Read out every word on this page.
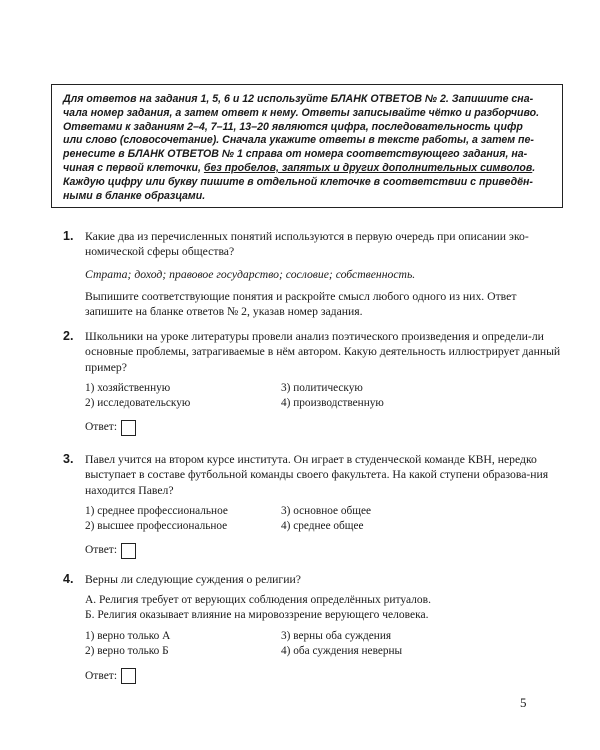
Для ответов на задания 1, 5, 6 и 12 используйте БЛАНК ОТВЕТОВ № 2. Запишите сна-
чала номер задания, а затем ответ к нему. Ответы записывайте чётко и разборчиво.
Ответами к заданиям 2–4, 7–11, 13–20 являются цифра, последовательность цифр
или слово (словосочетание). Сначала укажите ответы в тексте работы, а затем пе-
ренесите в БЛАНК ОТВЕТОВ № 1 справа от номера соответствующего задания, на-
чиная с первой клеточки, без пробелов, запятых и других дополнительных символов.
Каждую цифру или букву пишите в отдельной клеточке в соответствии с приведён-
ными в бланке образцами.
1. Какие два из перечисленных понятий используются в первую очередь при описании эко-номической сферы общества?

Страта; доход; правовое государство; сословие; собственность.
Выпишите соответствующие понятия и раскройте смысл любого одного из них. Ответ запишите на бланке ответов № 2, указав номер задания.
2. Школьники на уроке литературы провели анализ поэтического произведения и определи-ли основные проблемы, затрагиваемые в нём автором. Какую деятельность иллюстрирует данный пример?

1) хозяйственную	3) политическую
2) исследовательскую	4) производственную
Ответ:
3. Павел учится на втором курсе института. Он играет в студенческой команде КВН, нередко выступает в составе футбольной команды своего факультета. На какой ступени образова-ния находится Павел?

1) среднее профессиональное	3) основное общее
2) высшее профессиональное	4) среднее общее
Ответ:
4. Верны ли следующие суждения о религии?

А. Религия требует от верующих соблюдения определённых ритуалов.
Б. Религия оказывает влияние на мировоззрение верующего человека.
1) верно только А	3) верны оба суждения
2) верно только Б	4) оба суждения неверны
Ответ:
5
